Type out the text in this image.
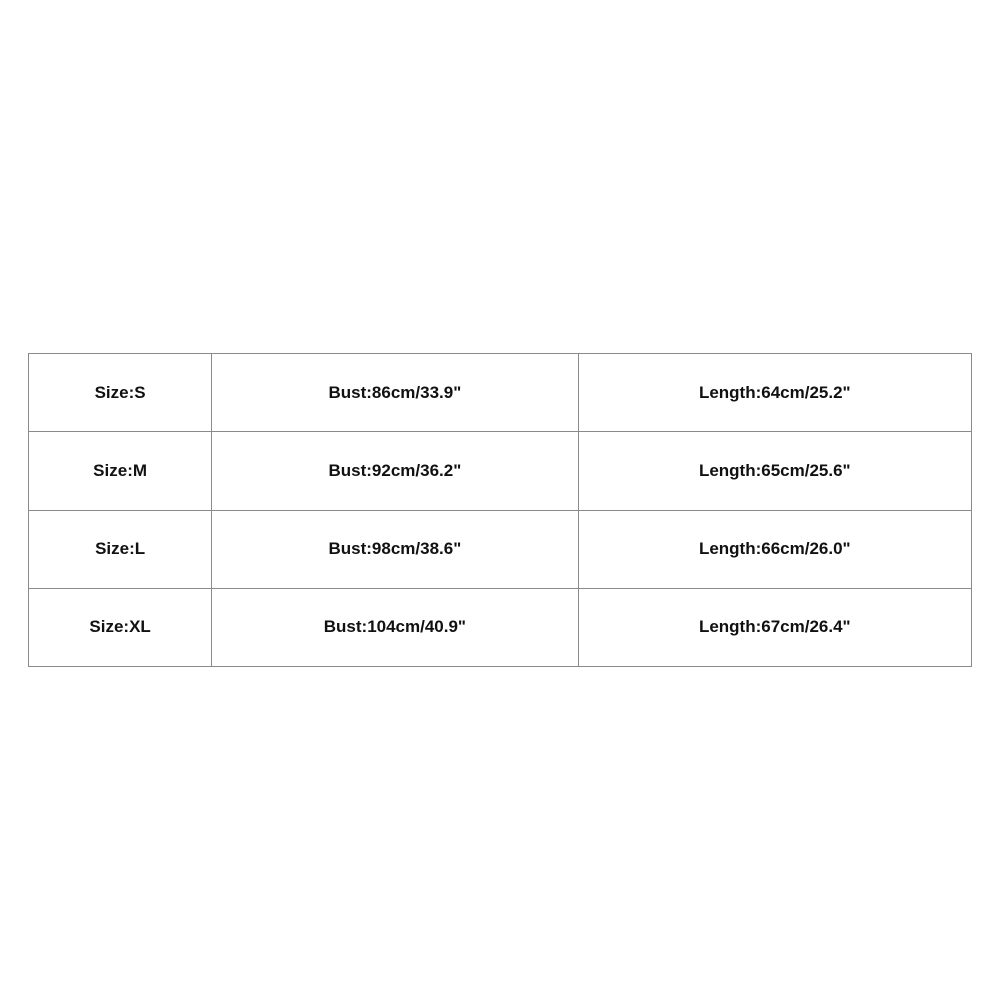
Size:S	Bust:86cm/33.9"	Length:64cm/25.2"
Size:M	Bust:92cm/36.2"	Length:65cm/25.6"
Size:L	Bust:98cm/38.6"	Length:66cm/26.0"
Size:XL	Bust:104cm/40.9"	Length:67cm/26.4"
